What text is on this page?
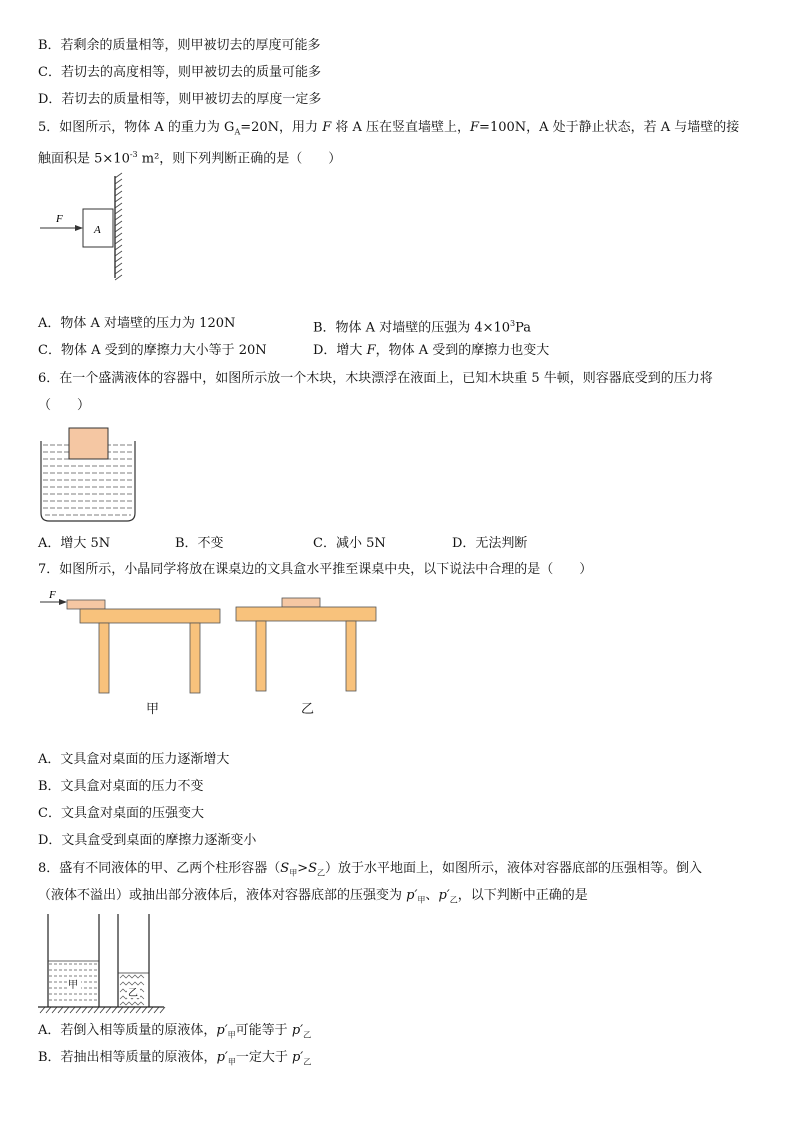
B．若剩余的质量相等，则甲被切去的厚度可能多
C．若切去的高度相等，则甲被切去的质量可能多
D．若切去的质量相等，则甲被切去的厚度一定多
5．如图所示，物体 A 的重力为 $G_A=20N$，用力 F 将 A 压在竖直墙壁上，F=100N，A 处于静止状态，若 A 与墙壁的接
触面积是 $5\times 10^{-3}$ m²，则下列判断正确的是（　　）
F
A
A．物体 A 对墙壁的压力为 120N	B．物体 A 对墙壁的压强为 $4\times 10^3Pa$
C．物体 A 受到的摩擦力大小等于 20N	D．增大 F，物体 A 受到的摩擦力也变大
6．在一个盛满液体的容器中，如图所示放一个木块，木块漂浮在液面上，已知木块重 5 牛顿，则容器底受到的压力将
（　　）
A．增大 5N	B．不变	C．减小 5N	D．无法判断
7．如图所示，小晶同学将放在课桌边的文具盒水平推至课桌中央，以下说法中合理的是（　　）
F
甲	乙
A．文具盒对桌面的压力逐渐增大
B．文具盒对桌面的压力不变
C．文具盒对桌面的压强变大
D．文具盒受到桌面的摩擦力逐渐变小
8．盛有不同液体的甲、乙两个柱形容器$(S_甲>S_乙)$放于水平地面上，如图所示，液体对容器底部的压强相等。倒入
（液体不溢出）或抽出部分液体后，液体对容器底部的压强变为 $p'_甲$、$p'_乙$，以下判断中正确的是
甲
乙
A．若倒入相等质量的原液体，$p'_甲$可能等于 $p'_乙$
B．若抽出相等质量的原液体，$p'_甲$一定大于 $p'_乙$
